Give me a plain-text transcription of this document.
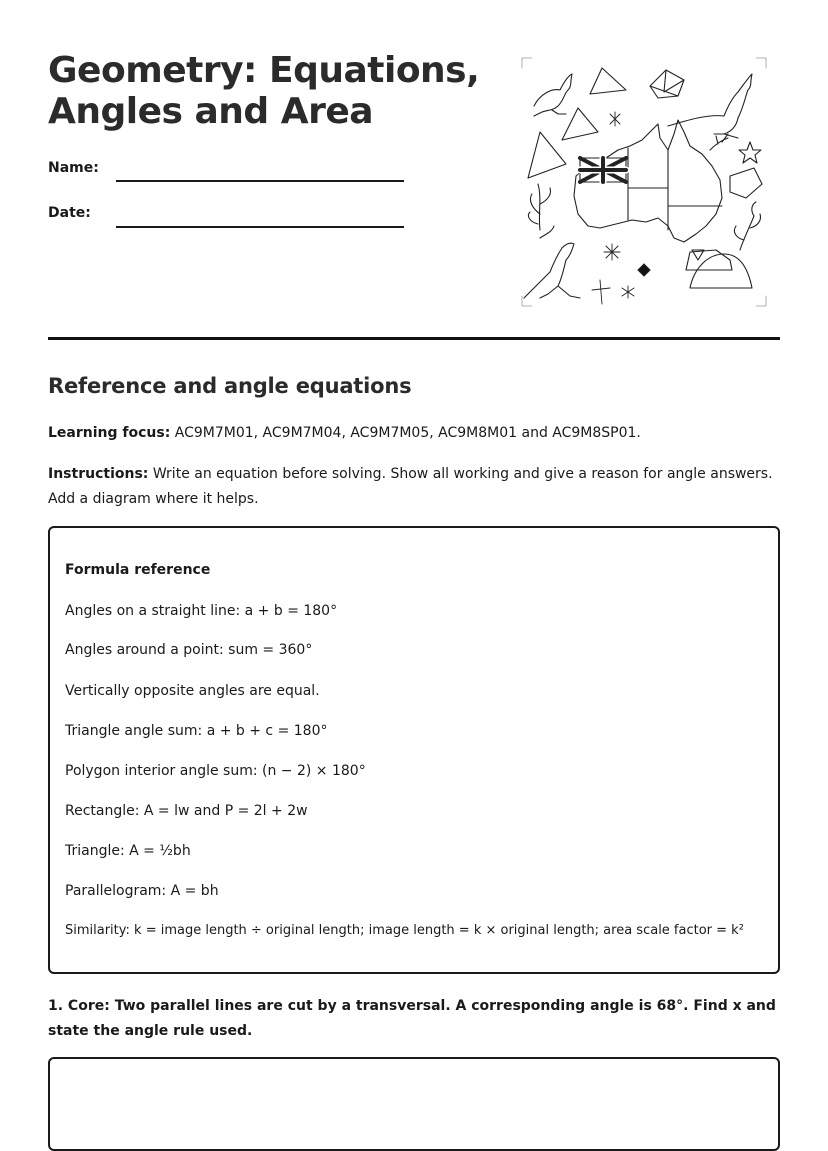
Geometry: Equations, Angles and Area
Name:
Date:
Reference and angle equations

Learning focus: AC9M7M01, AC9M7M04, AC9M7M05, AC9M8M01 and AC9M8SP01.

Instructions: Write an equation before solving. Show all working and give a reason for angle answers. Add a diagram where it helps.

Formula reference
Angles on a straight line: a + b = 180°
Angles around a point: sum = 360°
Vertically opposite angles are equal.
Triangle angle sum: a + b + c = 180°
Polygon interior angle sum: (n − 2) × 180°
Rectangle: A = lw and P = 2l + 2w
Triangle: A = ½bh
Parallelogram: A = bh
Similarity: k = image length ÷ original length; image length = k × original length; area scale factor = k²

1. Core: Two parallel lines are cut by a transversal. A corresponding angle is 68°. Find x and state the angle rule used.
